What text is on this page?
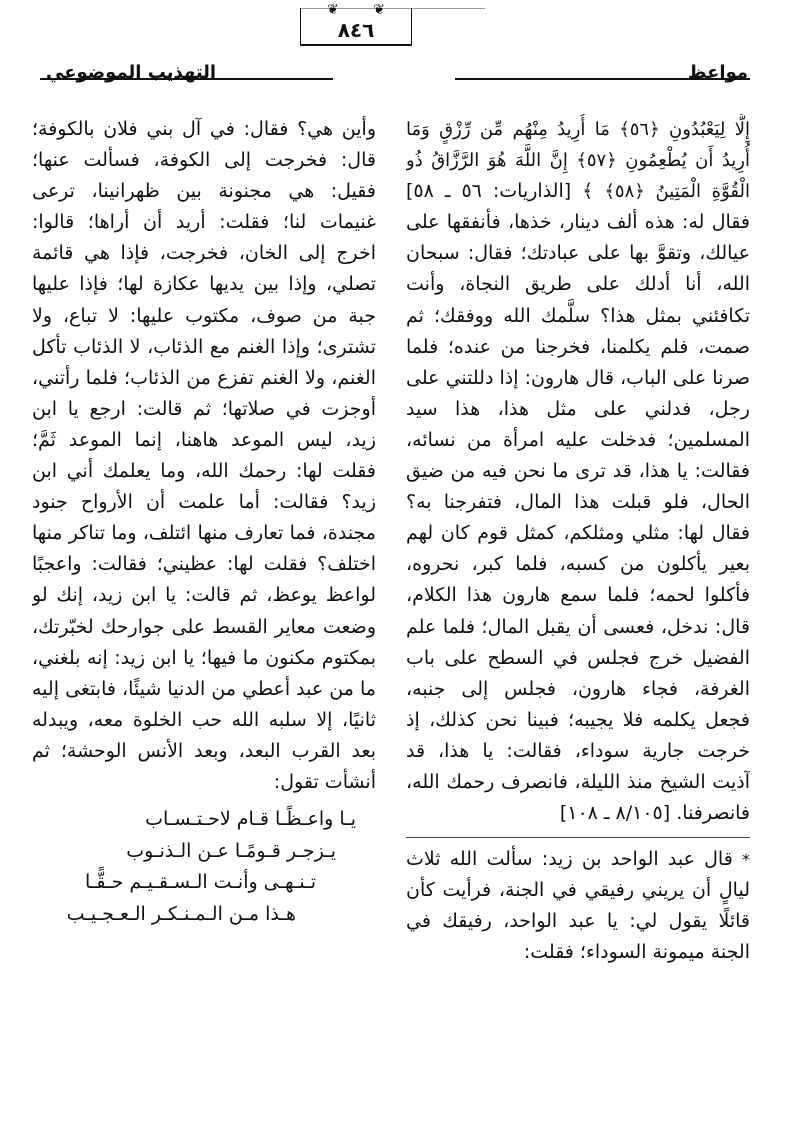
التهذيب الموضوعي	مواعظ
❦ ❦
٨٤٦

إِلَّا لِيَعْبُدُونِ ﴿٥٦﴾ مَا أُرِيدُ مِنْهُم مِّن رِّزْقٍ وَمَا أُرِيدُ أَن يُطْعِمُونِ ﴿٥٧﴾ إِنَّ اللَّهَ هُوَ الرَّزَّاقُ ذُو الْقُوَّةِ الْمَتِينُ ﴿٥٨﴾ ﴾ [الذاريات: ٥٦ ـ ٥٨] فقال له: هذه ألف دينار، خذها، فأنفقها على عيالك، وتقوَّ بها على عبادتك؛ فقال: سبحان الله، أنا أدلك على طريق النجاة، وأنت تكافئني بمثل هذا؟ سلَّمك الله ووفقك؛ ثم صمت، فلم يكلمنا، فخرجنا من عنده؛ فلما صرنا على الباب، قال هارون: إذا دللتني على رجل، فدلني على مثل هذا، هذا سيد المسلمين؛ فدخلت عليه امرأة من نسائه، فقالت: يا هذا، قد ترى ما نحن فيه من ضيق الحال، فلو قبلت هذا المال، فتفرجنا به؟ فقال لها: مثلي ومثلكم، كمثل قوم كان لهم بعير يأكلون من كسبه، فلما كبر، نحروه، فأكلوا لحمه؛ فلما سمع هارون هذا الكلام، قال: ندخل، فعسى أن يقبل المال؛ فلما علم الفضيل خرج فجلس في السطح على باب الغرفة، فجاء هارون، فجلس إلى جنبه، فجعل يكلمه فلا يجيبه؛ فبينا نحن كذلك، إذ خرجت جارية سوداء، فقالت: يا هذا، قد آذيت الشيخ منذ الليلة، فانصرف رحمك الله، فانصرفنا. [٨/١٠٥ ـ ١٠٨]

* قال عبد الواحد بن زيد: سألت الله ثلاث ليالٍ أن يريني رفيقي في الجنة، فرأيت كأن قائلًا يقول لي: يا عبد الواحد، رفيقك في الجنة ميمونة السوداء؛ فقلت:

وأين هي؟ فقال: في آل بني فلان بالكوفة؛ قال: فخرجت إلى الكوفة، فسألت عنها؛ فقيل: هي مجنونة بين ظهرانينا، ترعى غنيمات لنا؛ فقلت: أريد أن أراها؛ قالوا: اخرج إلى الخان، فخرجت، فإذا هي قائمة تصلي، وإذا بين يديها عكازة لها؛ فإذا عليها جبة من صوف، مكتوب عليها: لا تباع، ولا تشترى؛ وإذا الغنم مع الذئاب، لا الذئاب تأكل الغنم، ولا الغنم تفزع من الذئاب؛ فلما رأتني، أوجزت في صلاتها؛ ثم قالت: ارجع يا ابن زيد، ليس الموعد هاهنا، إنما الموعد ثَمَّ؛ فقلت لها: رحمك الله، وما يعلمك أني ابن زيد؟ فقالت: أما علمت أن الأرواح جنود مجندة، فما تعارف منها ائتلف، وما تناكر منها اختلف؟ فقلت لها: عظيني؛ فقالت: واعجبًا لواعظ يوعظ، ثم قالت: يا ابن زيد، إنك لو وضعت معاير القسط على جوارحك لخبّرتك، بمكتوم مكنون ما فيها؛ يا ابن زيد: إنه بلغني، ما من عبد أعطي من الدنيا شيئًا، فابتغى إليه ثانيًا، إلا سلبه الله حب الخلوة معه، ويبدله بعد القرب البعد، وبعد الأنس الوحشة؛ ثم أنشأت تقول:

يـا واعـظًـا قـام لاحـتـسـاب
يـزجـر قـومًـا عـن الـذنـوب
تـنـهـى وأنـت الـسـقـيـم حـقًّـا
هـذا مـن الـمـنـكـر الـعـجـيـب
